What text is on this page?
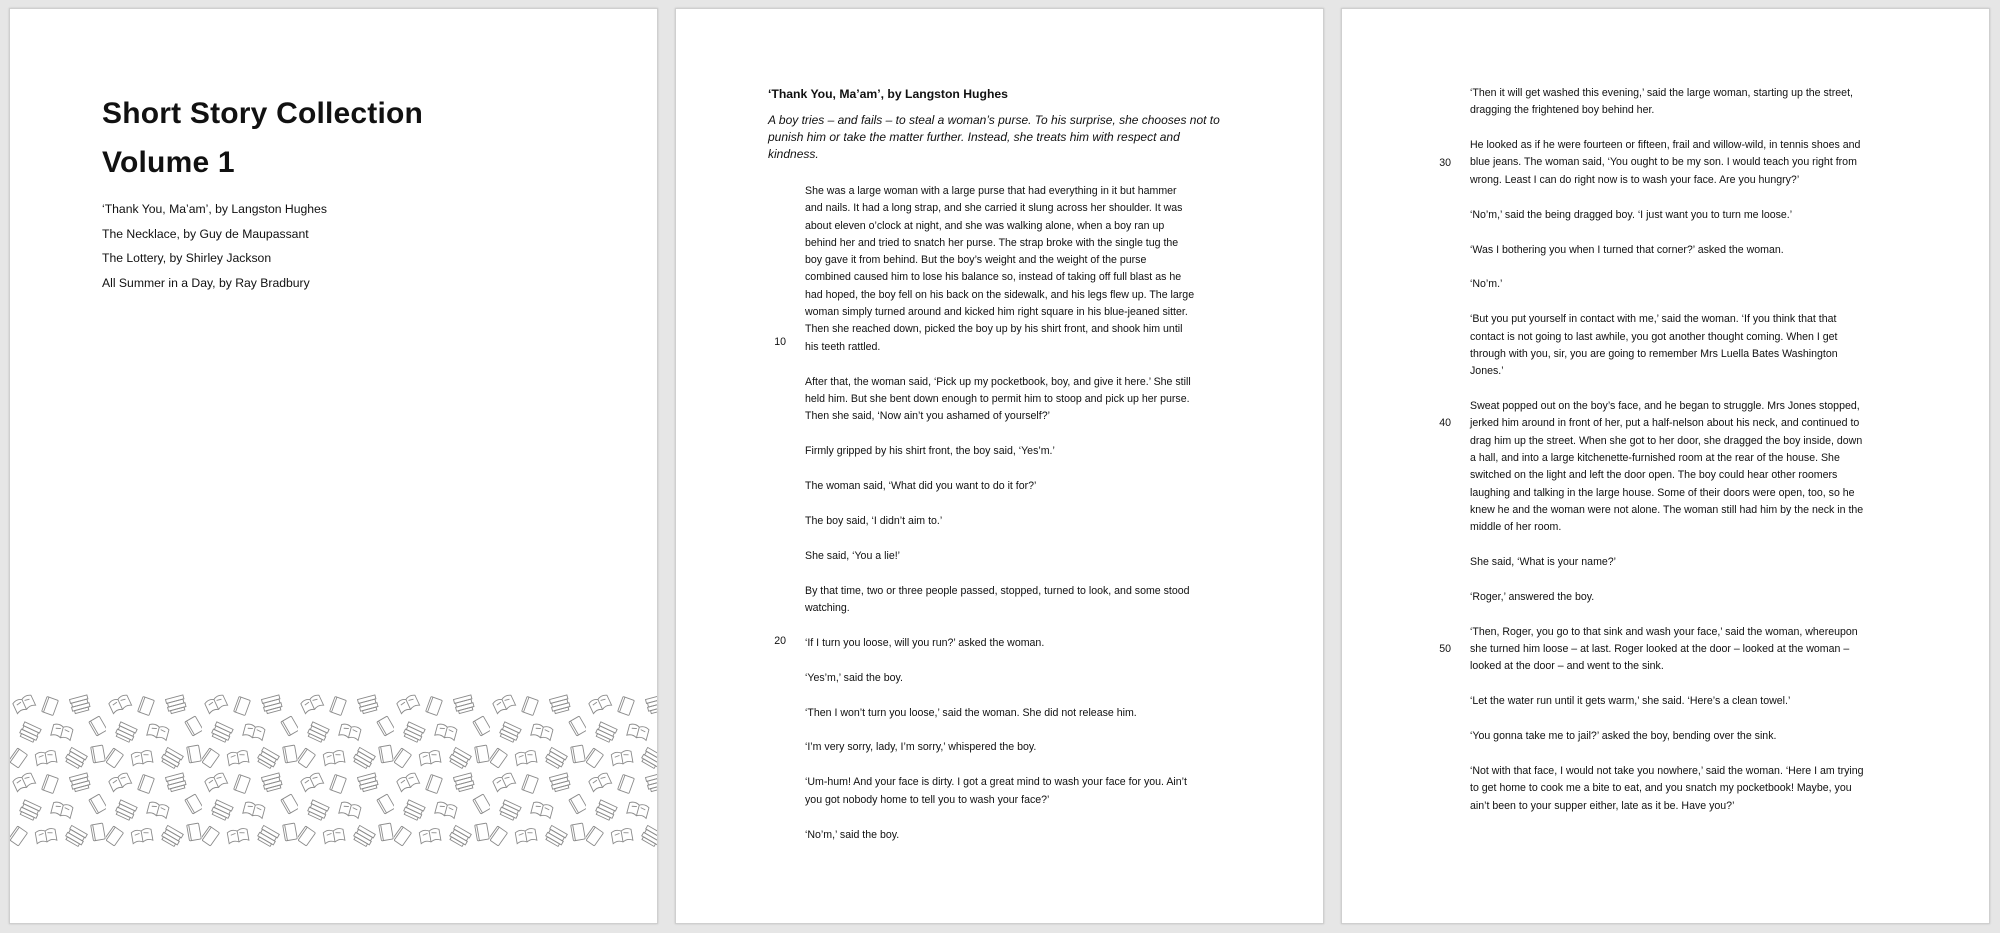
Short Story Collection
Volume 1
‘Thank You, Ma’am’, by Langston Hughes
The Necklace, by Guy de Maupassant
The Lottery, by Shirley Jackson
All Summer in a Day, by Ray Bradbury
‘Thank You, Ma’am’, by Langston Hughes
A boy tries – and fails – to steal a woman’s purse. To his surprise, she chooses not to punish him or take the matter further. Instead, she treats him with respect and kindness.
10
20

She was a large woman with a large purse that had everything in it but hammer and nails. It had a long strap, and she carried it slung across her shoulder. It was about eleven o’clock at night, and she was walking alone, when a boy ran up behind her and tried to snatch her purse. The strap broke with the single tug the boy gave it from behind. But the boy’s weight and the weight of the purse combined caused him to lose his balance so, instead of taking off full blast as he had hoped, the boy fell on his back on the sidewalk, and his legs flew up. The large woman simply turned around and kicked him right square in his blue-jeaned sitter. Then she reached down, picked the boy up by his shirt front, and shook him until his teeth rattled.

After that, the woman said, ‘Pick up my pocketbook, boy, and give it here.’ She still held him. But she bent down enough to permit him to stoop and pick up her purse. Then she said, ‘Now ain’t you ashamed of yourself?’

Firmly gripped by his shirt front, the boy said, ‘Yes’m.’

The woman said, ‘What did you want to do it for?’

The boy said, ‘I didn’t aim to.’

She said, ‘You a lie!’

By that time, two or three people passed, stopped, turned to look, and some stood watching.

‘If I turn you loose, will you run?’ asked the woman.

‘Yes’m,’ said the boy.

‘Then I won’t turn you loose,’ said the woman. She did not release him.

‘I’m very sorry, lady, I’m sorry,’ whispered the boy.

‘Um-hum! And your face is dirty. I got a great mind to wash your face for you. Ain’t you got nobody home to tell you to wash your face?’

‘No’m,’ said the boy.

30
40
50

‘Then it will get washed this evening,’ said the large woman, starting up the street, dragging the frightened boy behind her.

He looked as if he were fourteen or fifteen, frail and willow-wild, in tennis shoes and blue jeans. The woman said, ‘You ought to be my son. I would teach you right from wrong. Least I can do right now is to wash your face. Are you hungry?’

‘No’m,’ said the being dragged boy. ‘I just want you to turn me loose.’

‘Was I bothering you when I turned that corner?’ asked the woman.

‘No’m.’

‘But you put yourself in contact with me,’ said the woman. ‘If you think that that contact is not going to last awhile, you got another thought coming. When I get through with you, sir, you are going to remember Mrs Luella Bates Washington Jones.’

Sweat popped out on the boy’s face, and he began to struggle. Mrs Jones stopped, jerked him around in front of her, put a half-nelson about his neck, and continued to drag him up the street. When she got to her door, she dragged the boy inside, down a hall, and into a large kitchenette-furnished room at the rear of the house. She switched on the light and left the door open. The boy could hear other roomers laughing and talking in the large house. Some of their doors were open, too, so he knew he and the woman were not alone. The woman still had him by the neck in the middle of her room.

She said, ‘What is your name?’

‘Roger,’ answered the boy.

‘Then, Roger, you go to that sink and wash your face,’ said the woman, whereupon she turned him loose – at last. Roger looked at the door – looked at the woman – looked at the door – and went to the sink.

‘Let the water run until it gets warm,’ she said. ‘Here’s a clean towel.’

‘You gonna take me to jail?’ asked the boy, bending over the sink.

‘Not with that face, I would not take you nowhere,’ said the woman. ‘Here I am trying to get home to cook me a bite to eat, and you snatch my pocketbook! Maybe, you ain’t been to your supper either, late as it be. Have you?’
